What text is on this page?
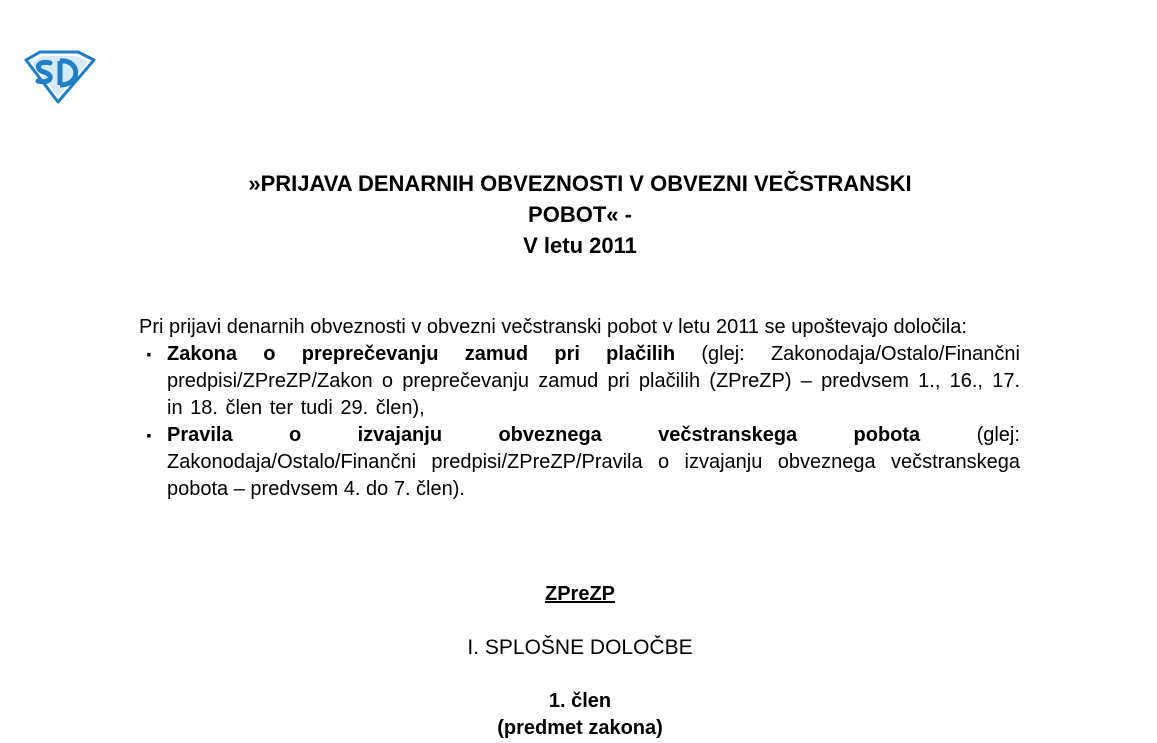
»PRIJAVA DENARNIH OBVEZNOSTI V OBVEZNI VEČSTRANSKI
POBOT« -
V letu 2011

Pri prijavi denarnih obveznosti v obvezni večstranski pobot v letu 2011 se upoštevajo določila:

▪ Zakona o preprečevanju zamud pri plačilih (glej: Zakonodaja/Ostalo/Finančni predpisi/ZPreZP/Zakon o preprečevanju zamud pri plačilih (ZPreZP) – predvsem 1., 16., 17. in 18. člen ter tudi 29. člen),
▪ Pravila	o	izvajanju	obveznega	večstranskega	pobota	(glej:
Zakonodaja/Ostalo/Finančni predpisi/ZPreZP/Pravila o izvajanju obveznega večstranskega pobota – predvsem 4. do 7. člen).
ZPreZP
I. SPLOŠNE DOLOČBE
1. člen
(predmet zakona)
